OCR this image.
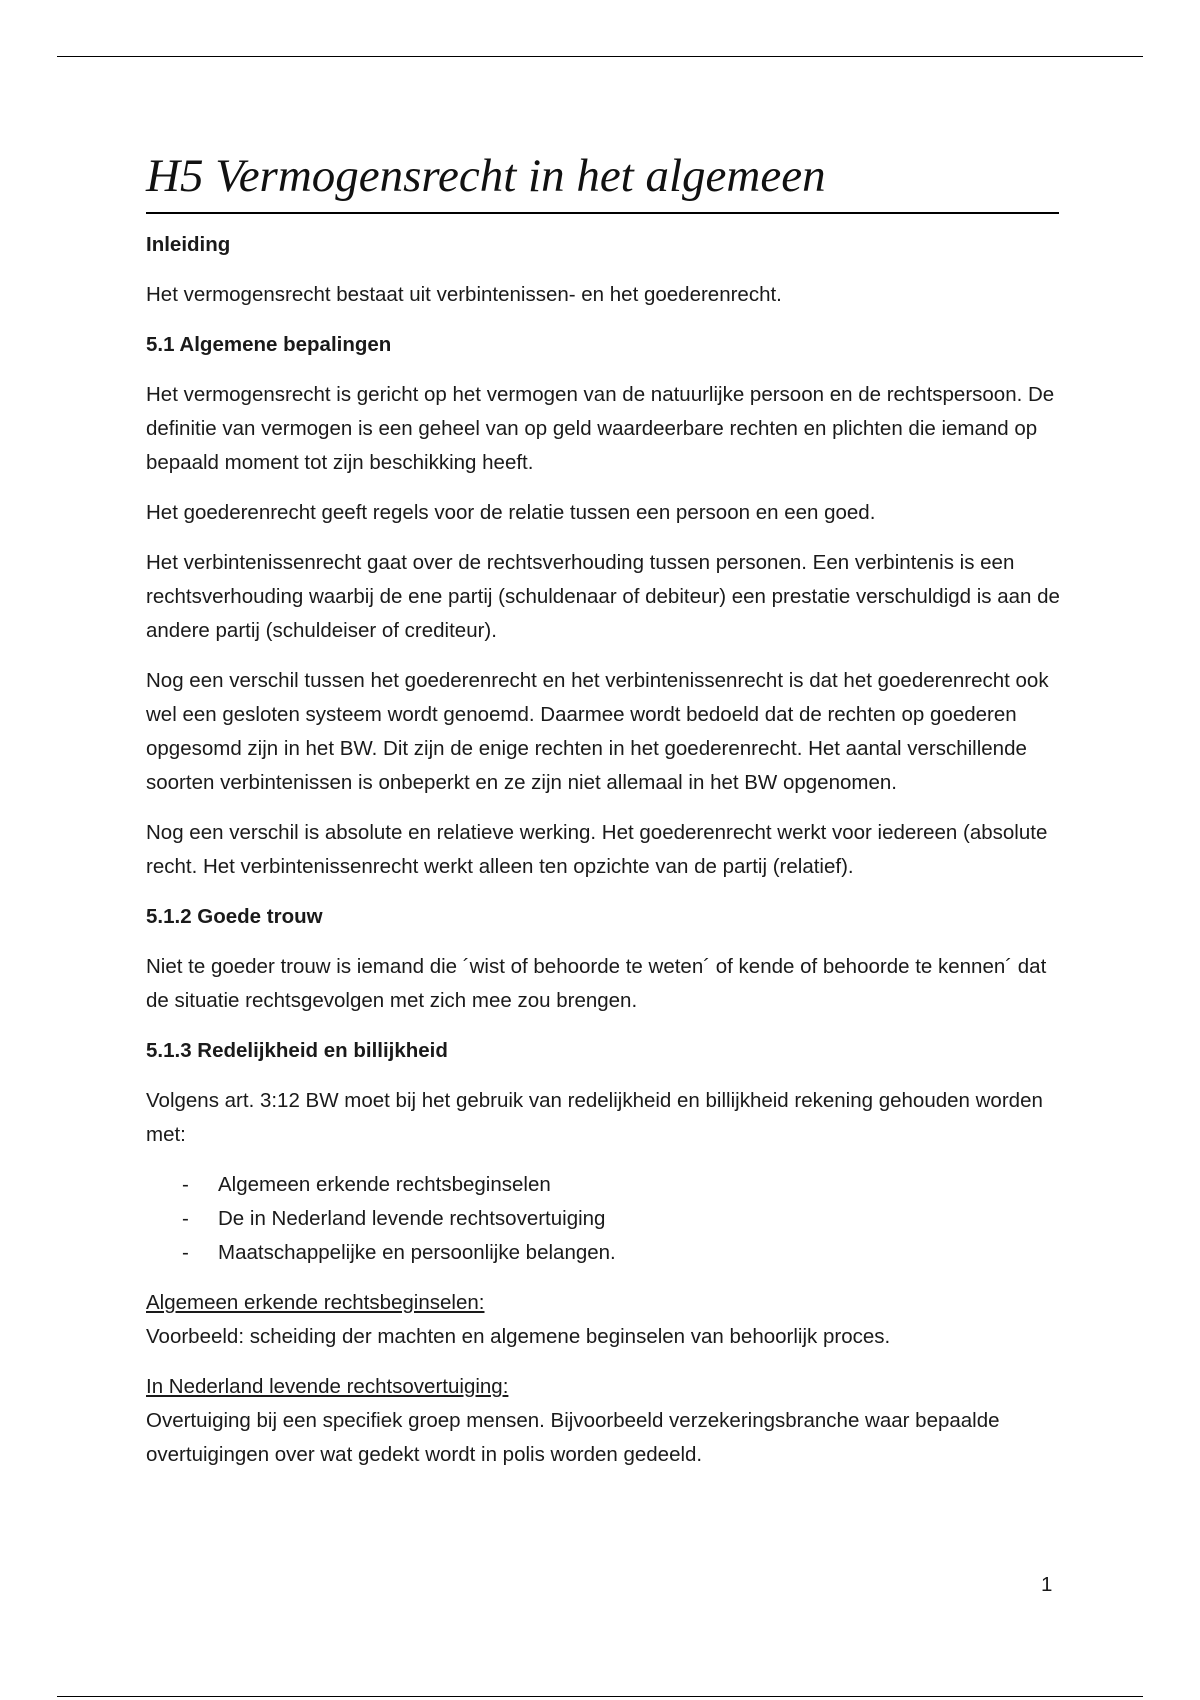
H5 Vermogensrecht in het algemeen
Inleiding

Het vermogensrecht bestaat uit verbintenissen- en het goederenrecht.

5.1 Algemene bepalingen

Het vermogensrecht is gericht op het vermogen van de natuurlijke persoon en de rechtspersoon. De definitie van vermogen is een geheel van op geld waardeerbare rechten en plichten die iemand op bepaald moment tot zijn beschikking heeft.

Het goederenrecht geeft regels voor de relatie tussen een persoon en een goed.

Het verbintenissenrecht gaat over de rechtsverhouding tussen personen. Een verbintenis is een rechtsverhouding waarbij de ene partij (schuldenaar of debiteur) een prestatie verschuldigd is aan de andere partij (schuldeiser of crediteur).

Nog een verschil tussen het goederenrecht en het verbintenissenrecht is dat het goederenrecht ook wel een gesloten systeem wordt genoemd. Daarmee wordt bedoeld dat de rechten op goederen opgesomd zijn in het BW. Dit zijn de enige rechten in het goederenrecht. Het aantal verschillende soorten verbintenissen is onbeperkt en ze zijn niet allemaal in het BW opgenomen.

Nog een verschil is absolute en relatieve werking. Het goederenrecht werkt voor iedereen (absolute recht. Het verbintenissenrecht werkt alleen ten opzichte van de partij (relatief).

5.1.2 Goede trouw

Niet te goeder trouw is iemand die ´wist of behoorde te weten´ of kende of behoorde te kennen´ dat de situatie rechtsgevolgen met zich mee zou brengen.

5.1.3 Redelijkheid en billijkheid

Volgens art. 3:12 BW moet bij het gebruik van redelijkheid en billijkheid rekening gehouden worden met:

- Algemeen erkende rechtsbeginselen
- De in Nederland levende rechtsovertuiging
- Maatschappelijke en persoonlijke belangen.
Algemeen erkende rechtsbeginselen:
Voorbeeld: scheiding der machten en algemene beginselen van behoorlijk proces.
In Nederland levende rechtsovertuiging:
Overtuiging bij een specifiek groep mensen. Bijvoorbeeld verzekeringsbranche waar bepaalde overtuigingen over wat gedekt wordt in polis worden gedeeld.
1
